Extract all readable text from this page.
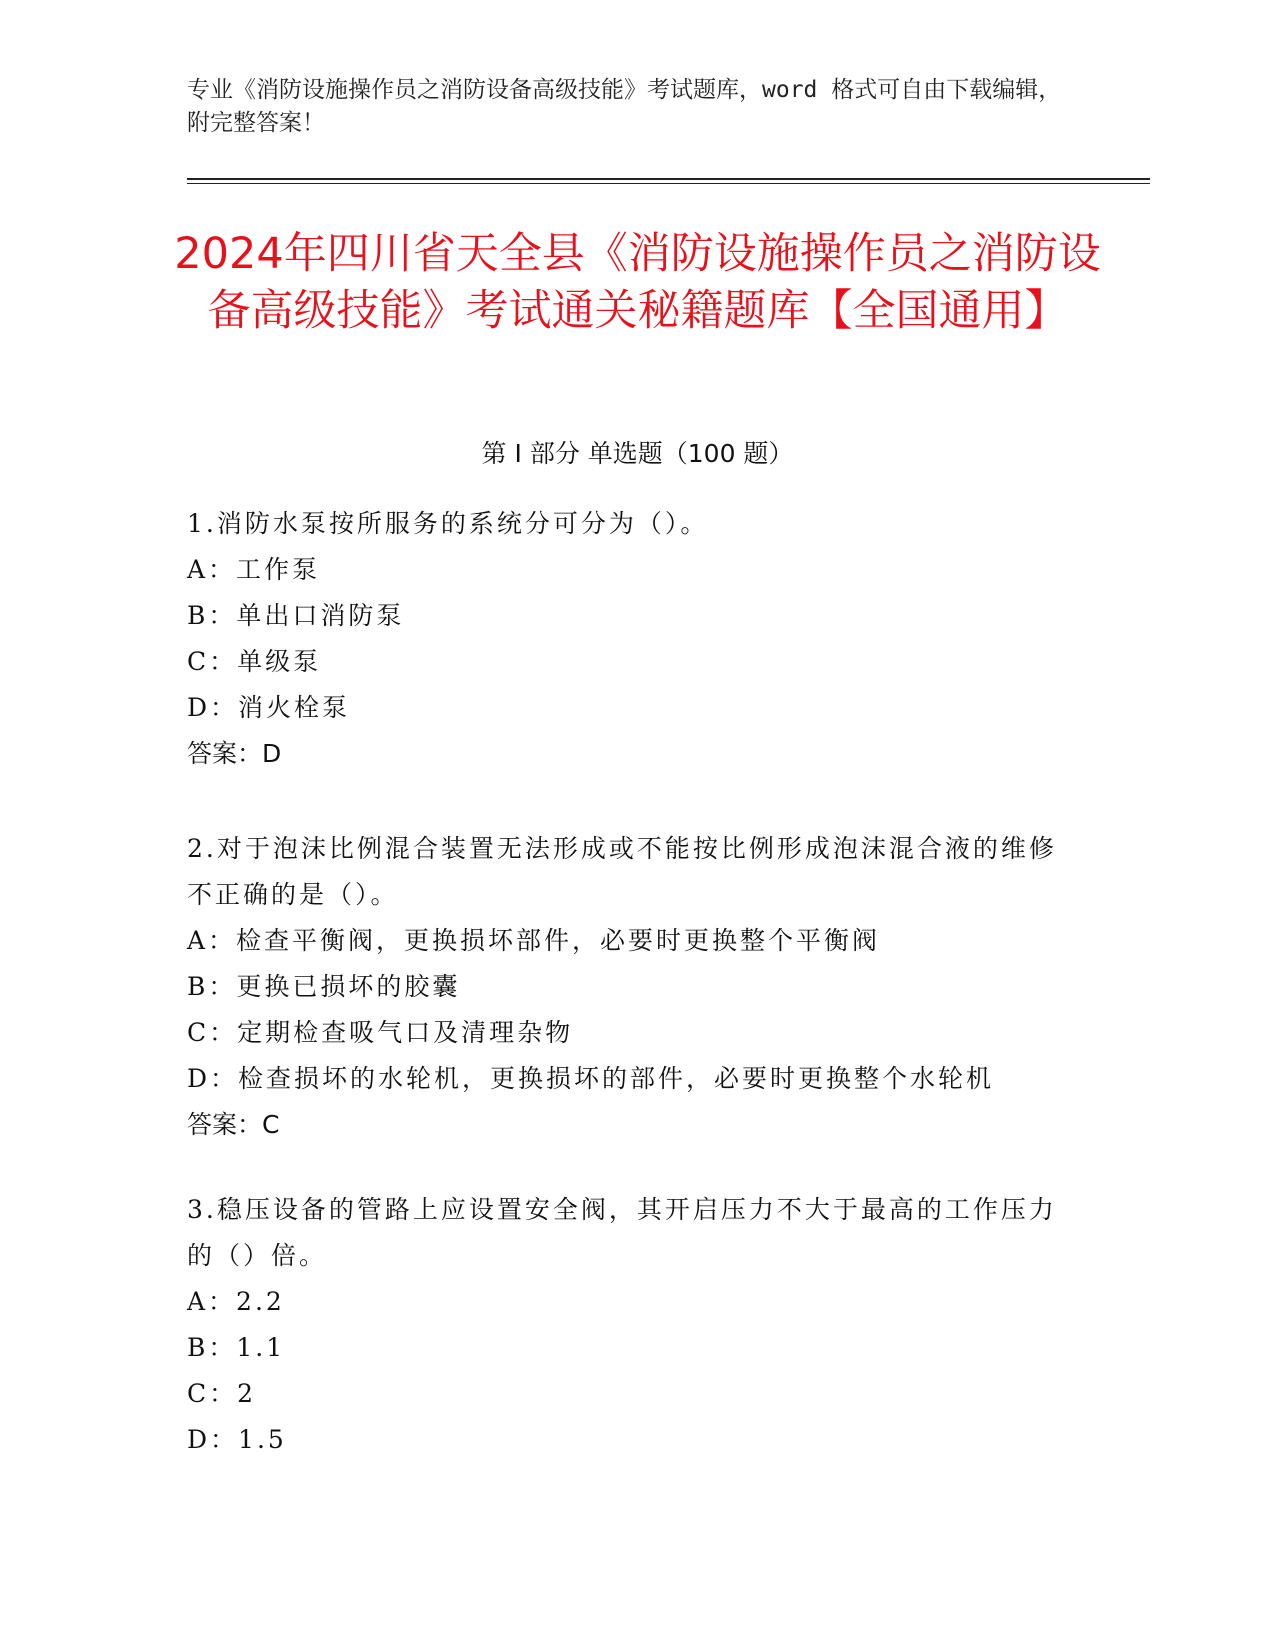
专业《消防设施操作员之消防设备高级技能》考试题库，word 格式可自由下载编辑，附完整答案！
2024年四川省天全县《消防设施操作员之消防设备高级技能》考试通关秘籍题库【全国通用】
第 I 部分 单选题（100 题）
1.消防水泵按所服务的系统分可分为（）。
A：工作泵
B：单出口消防泵
C：单级泵
D：消火栓泵
答案：D
2.对于泡沫比例混合装置无法形成或不能按比例形成泡沫混合液的维修不正确的是（）。
A：检查平衡阀，更换损坏部件，必要时更换整个平衡阀
B：更换已损坏的胶囊
C：定期检查吸气口及清理杂物
D：检查损坏的水轮机，更换损坏的部件，必要时更换整个水轮机
答案：C
3.稳压设备的管路上应设置安全阀，其开启压力不大于最高的工作压力的（）倍。
A：2.2
B：1.1
C：2
D：1.5
